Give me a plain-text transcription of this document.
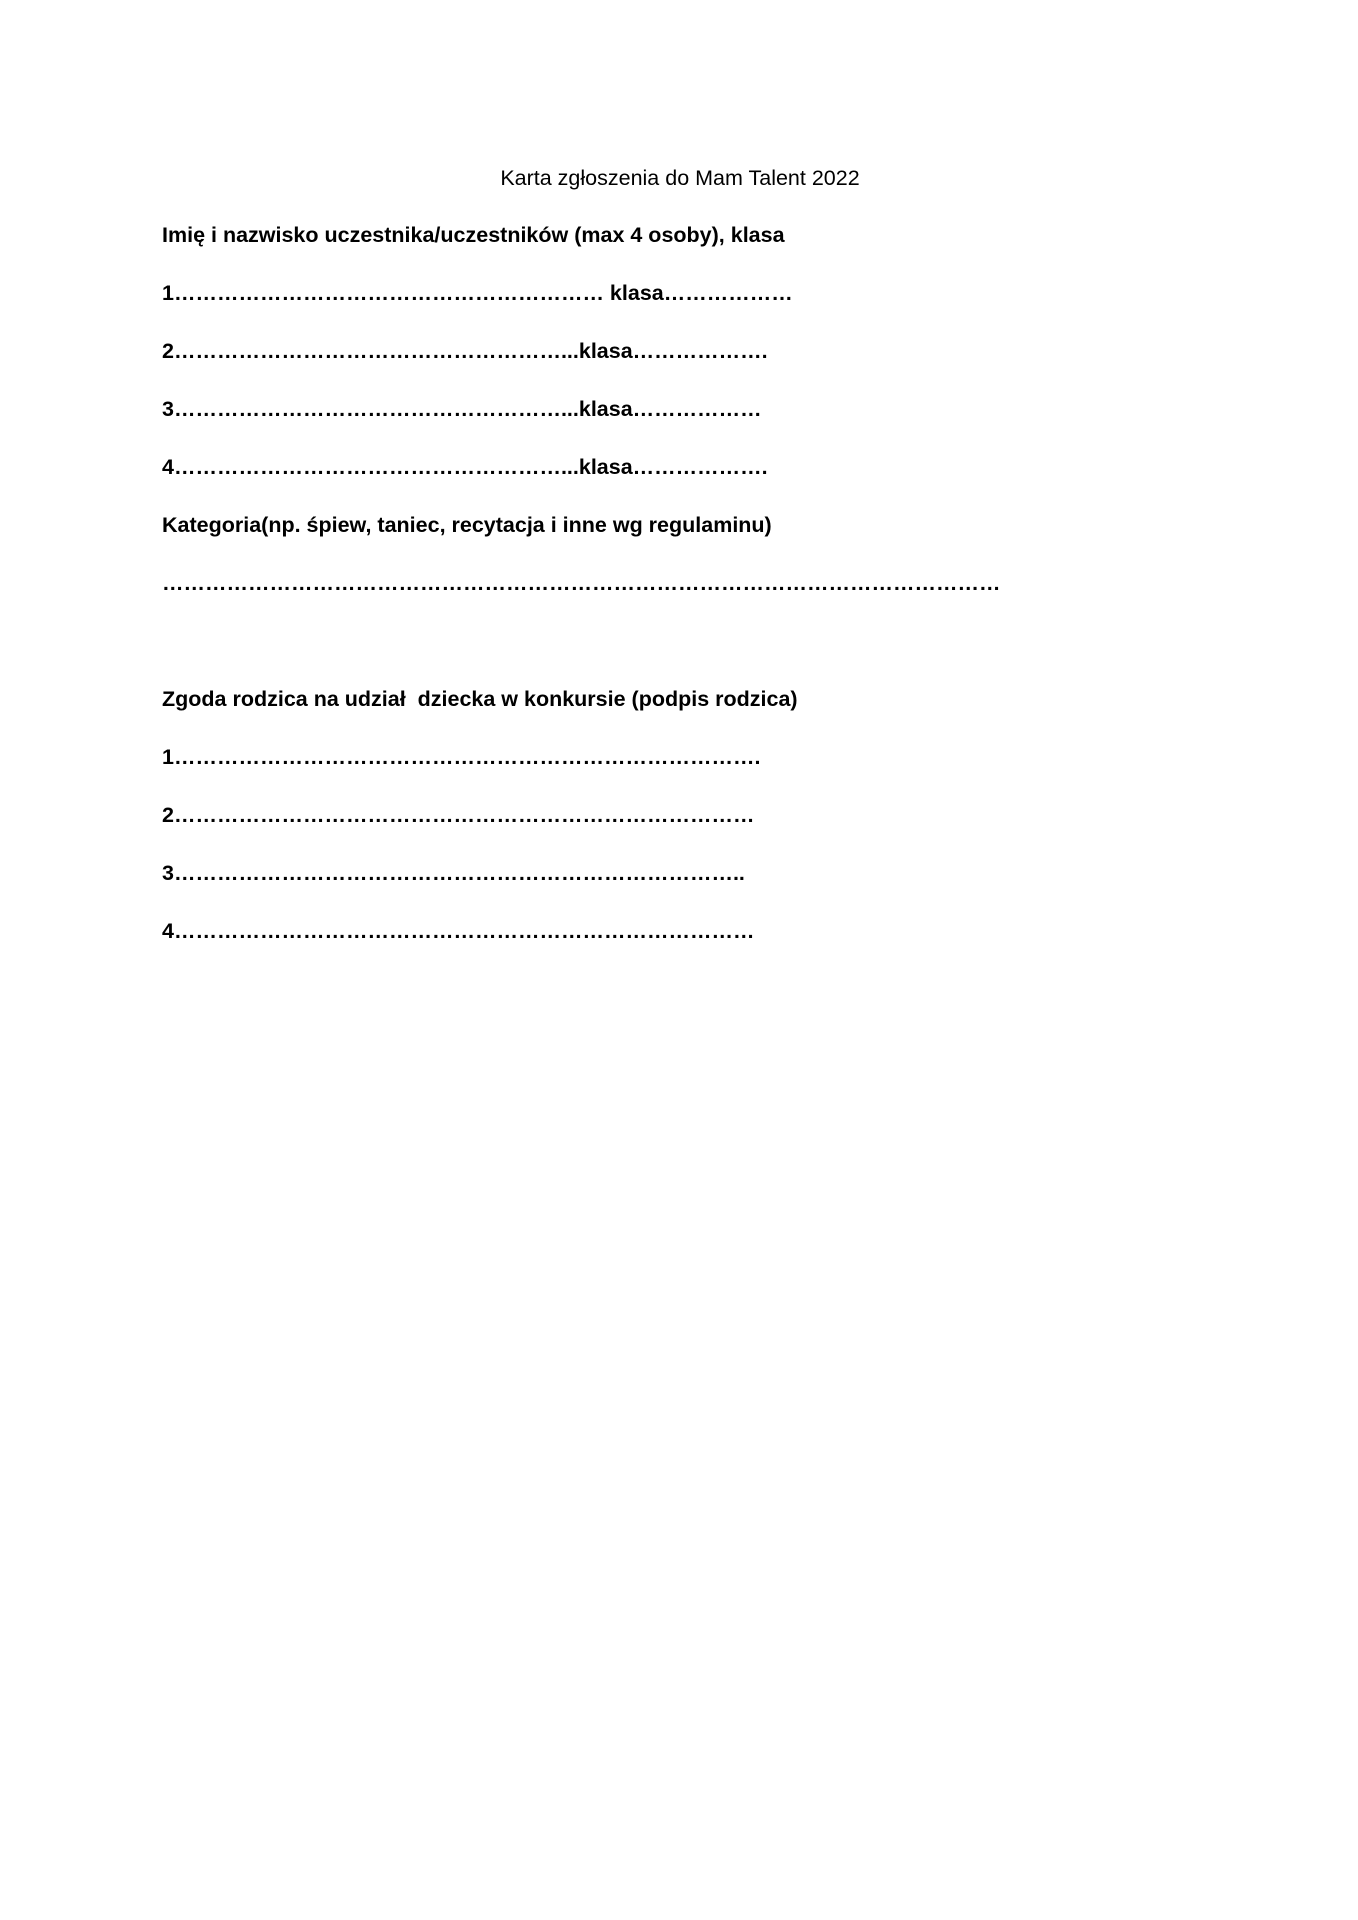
Karta zgłoszenia do Mam Talent 2022
Imię i nazwisko uczestnika/uczestników (max 4 osoby), klasa
1…………………………………………………… klasa………………
2………………………………………………...klasa……………….
3………………………………………………...klasa………………
4………………………………………………...klasa……………….
Kategoria(np. śpiew, taniec, recytacja i inne wg regulaminu)
………………………………………………………………………………………………………
Zgoda rodzica na udział  dziecka w konkursie (podpis rodzica)
1……………………………………………………………………….
2………………………………………………………………………
3……………………………………………………………………..
4………………………………………………………………………
